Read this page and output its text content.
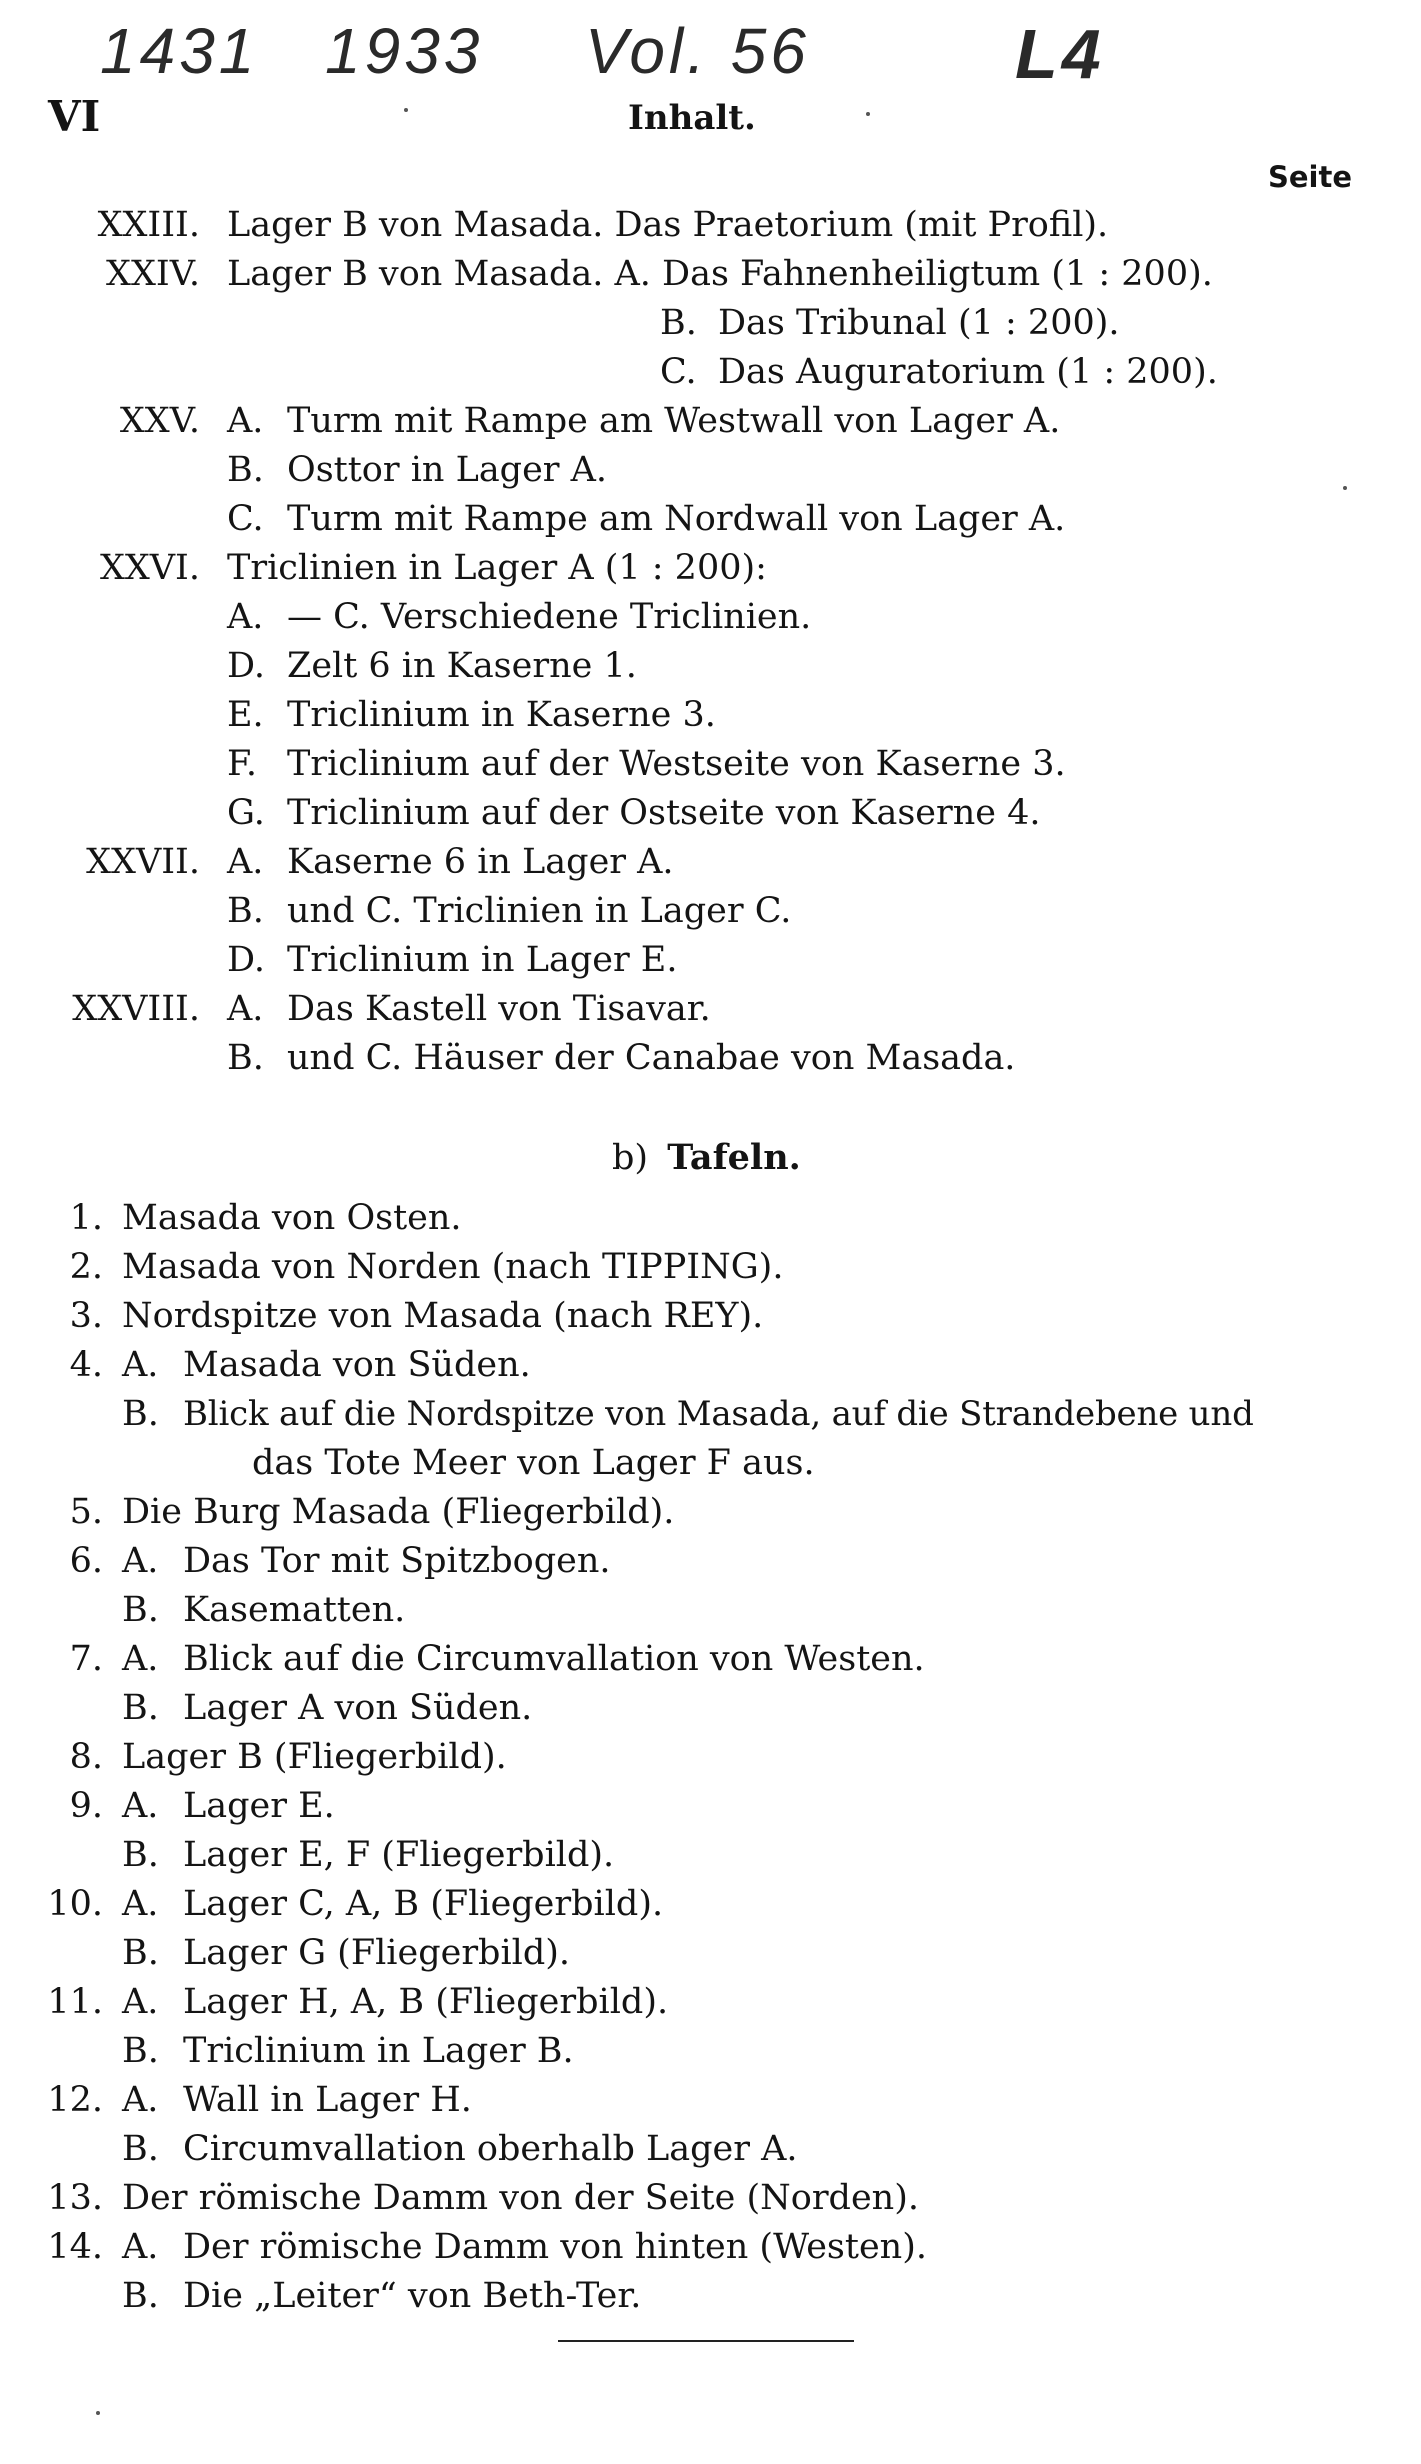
1431 1933 Vol. 56	L4
VI	Inhalt.
Seite
XXIII. Lager B von Masada. Das Praetorium (mit Profil).
XXIV. Lager B von Masada. A. Das Fahnenheiligtum (1 : 200).
B. Das Tribunal (1 : 200).
C. Das Auguratorium (1 : 200).
XXV. A. Turm mit Rampe am Westwall von Lager A.
B. Osttor in Lager A.
C. Turm mit Rampe am Nordwall von Lager A.
XXVI. Triclinien in Lager A (1 : 200):
A. — C. Verschiedene Triclinien.
D. Zelt 6 in Kaserne 1.
E. Triclinium in Kaserne 3.
F. Triclinium auf der Westseite von Kaserne 3.
G. Triclinium auf der Ostseite von Kaserne 4.
XXVII. A. Kaserne 6 in Lager A.
B. und C. Triclinien in Lager C.
D. Triclinium in Lager E.
XXVIII. A. Das Kastell von Tisavar.
B. und C. Häuser der Canabae von Masada.
b) Tafeln.
1. Masada von Osten.
2. Masada von Norden (nach TIPPING).
3. Nordspitze von Masada (nach REY).
4. A. Masada von Süden.
B. Blick auf die Nordspitze von Masada, auf die Strandebene und
das Tote Meer von Lager F aus.
5. Die Burg Masada (Fliegerbild).
6. A. Das Tor mit Spitzbogen.
B. Kasematten.
7. A. Blick auf die Circumvallation von Westen.
B. Lager A von Süden.
8. Lager B (Fliegerbild).
9. A. Lager E.
B. Lager E, F (Fliegerbild).
10. A. Lager C, A, B (Fliegerbild).
B. Lager G (Fliegerbild).
11. A. Lager H, A, B (Fliegerbild).
B. Triclinium in Lager B.
12. A. Wall in Lager H.
B. Circumvallation oberhalb Lager A.
13. Der römische Damm von der Seite (Norden).
14. A. Der römische Damm von hinten (Westen).
B. Die „Leiter“ von Beth-Ter.
